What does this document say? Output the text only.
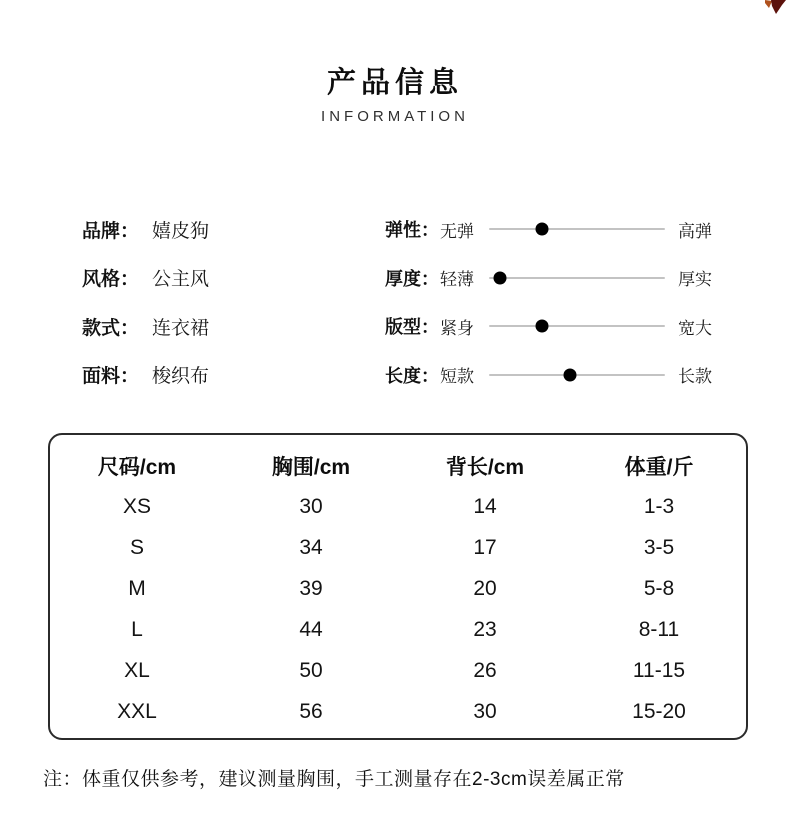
产品信息
INFORMATION
品牌： 嬉皮狗	弹性： 无弹	高弹
风格： 公主风	厚度： 轻薄	厚实
款式： 连衣裙	版型： 紧身	宽大
面料： 梭织布	长度： 短款	长款
尺码/cm	胸围/cm	背长/cm	体重/斤
XS	30	14	1-3
S	34	17	3-5
M	39	20	5-8
L	44	23	8-11
XL	50	26	11-15
XXL	56	30	15-20
注：体重仅供参考，建议测量胸围，手工测量存在2-3cm误差属正常
